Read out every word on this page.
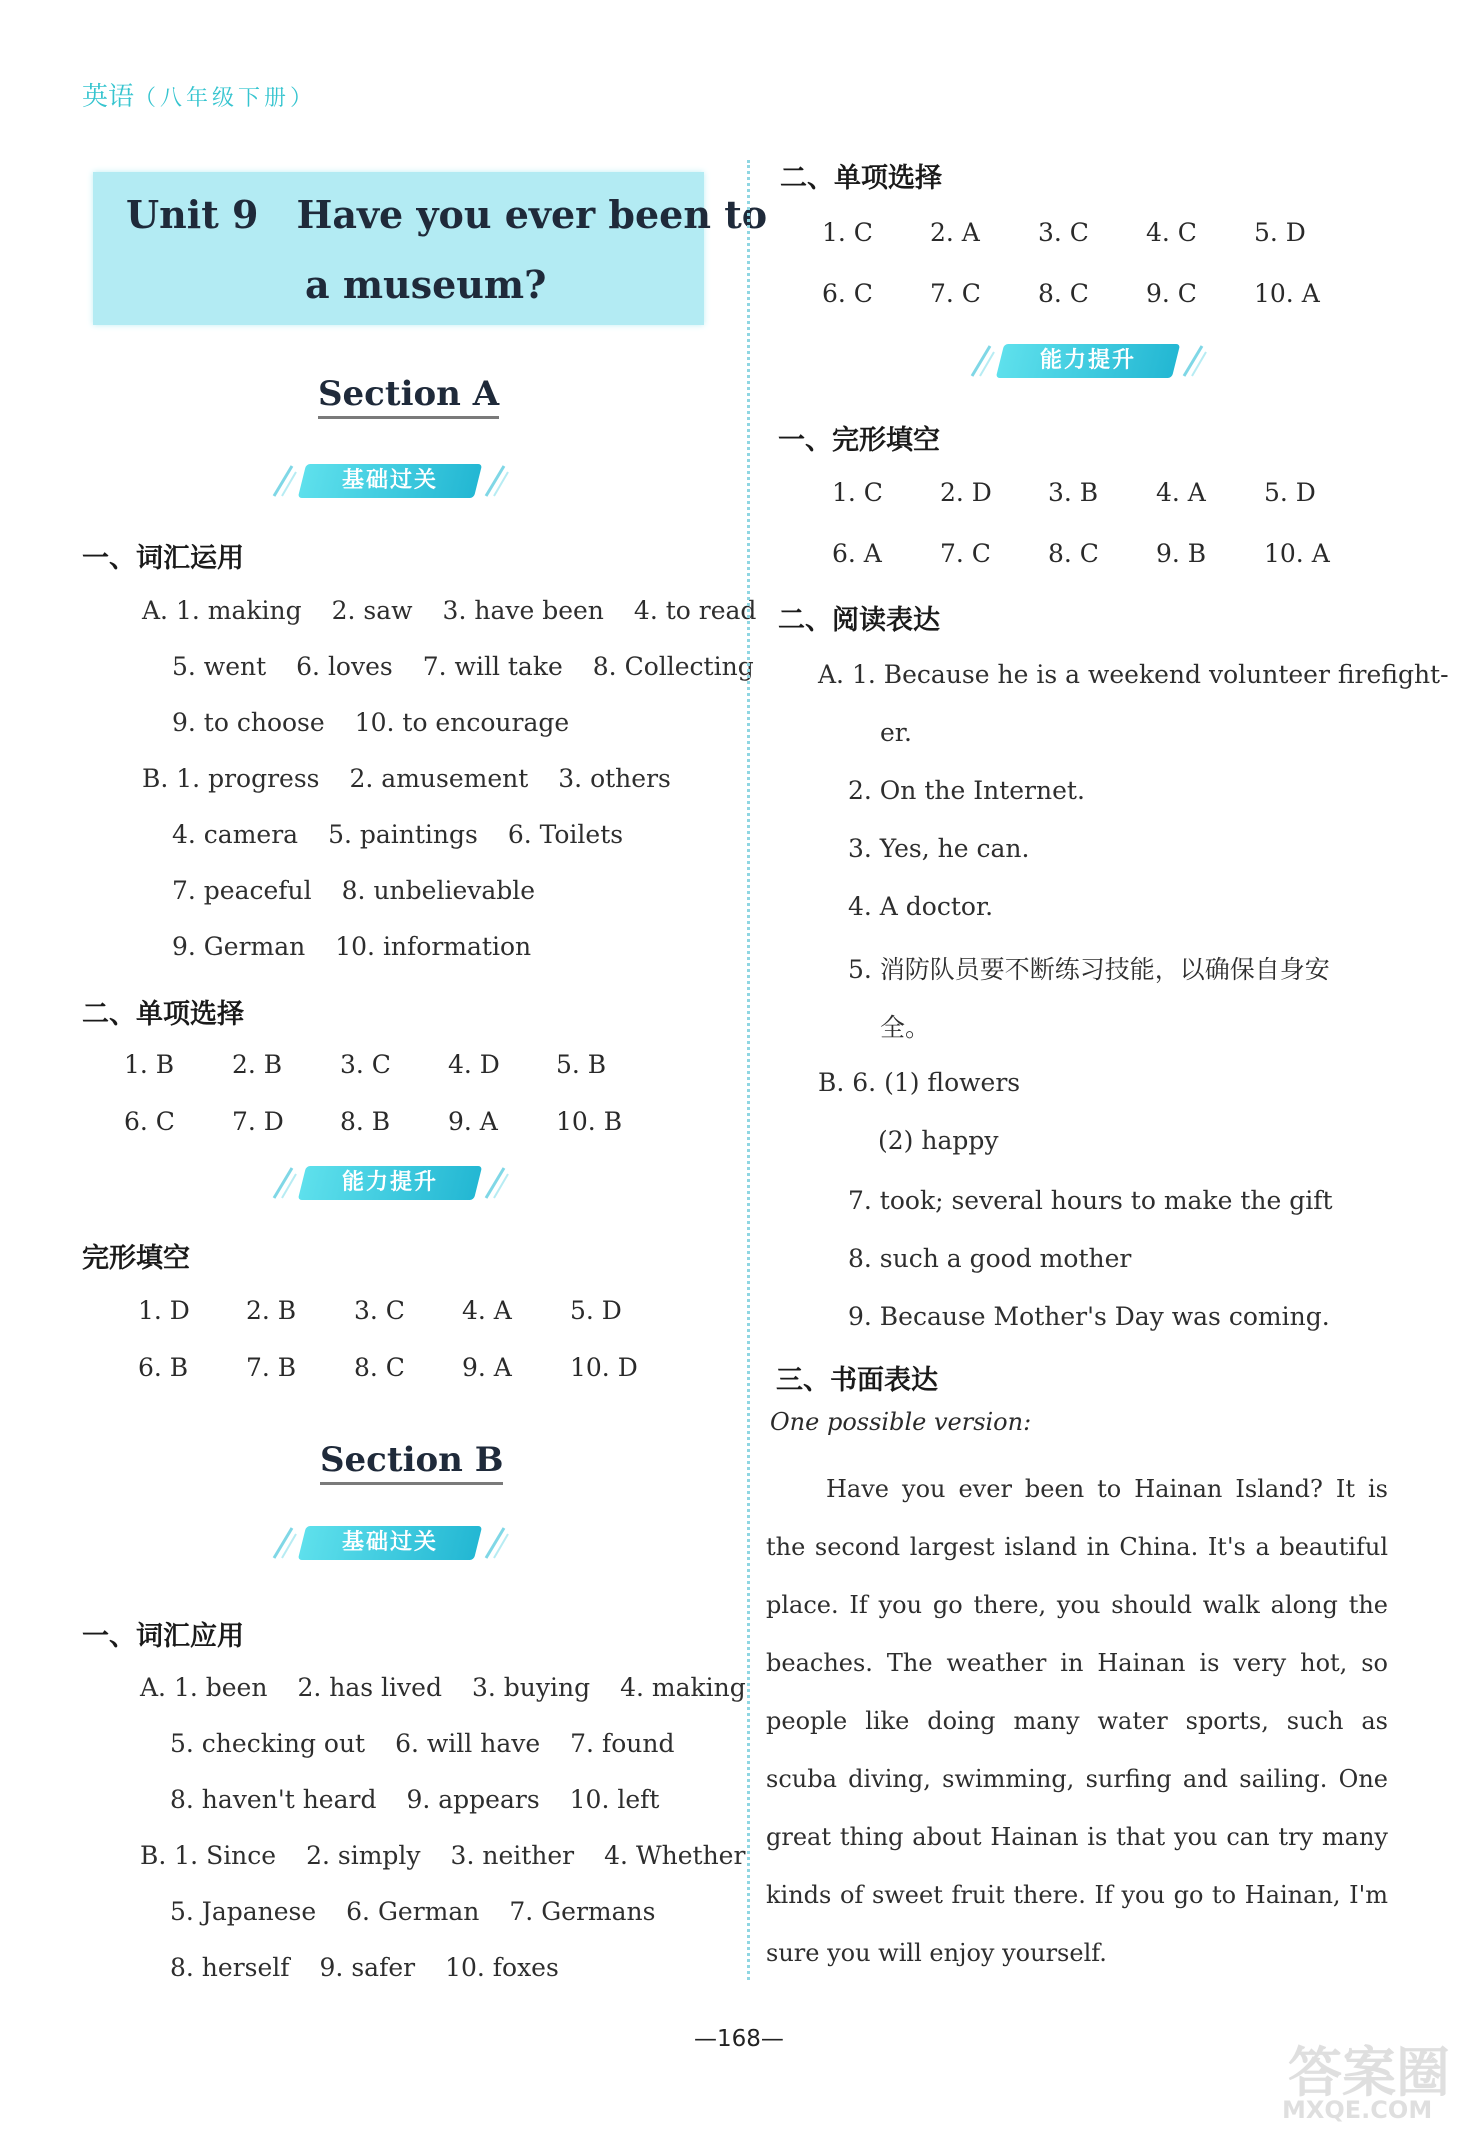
英语（八年级下册）
Unit 9 Have you ever been to
a museum?
Section A
基础过关
一、词汇运用
A. 1. making 2. saw 3. have been 4. to read
5. went 6. loves 7. will take 8. Collecting
9. to choose 10. to encourage
B. 1. progress 2. amusement 3. others
4. camera 5. paintings 6. Toilets
7. peaceful 8. unbelievable
9. German 10. information
二、单项选择
1. B	2. B	3. C	4. D	5. B
6. C	7. D	8. B	9. A	10. B
能力提升
完形填空
1. D	2. B	3. C	4. A	5. D
6. B	7. B	8. C	9. A	10. D
Section B
基础过关
一、词汇应用
A. 1. been 2. has lived 3. buying 4. making
5. checking out 6. will have 7. found
8. haven't heard 9. appears 10. left
B. 1. Since 2. simply 3. neither 4. Whether
5. Japanese 6. German 7. Germans
8. herself 9. safer 10. foxes
二、单项选择
1. C	2. A	3. C	4. C	5. D
6. C	7. C	8. C	9. C	10. A
能力提升
一、完形填空
1. C	2. D	3. B	4. A	5. D
6. A	7. C	8. C	9. B	10. A
二、阅读表达
A. 1. Because he is a weekend volunteer firefight-
er.
2. On the Internet.
3. Yes, he can.
4. A doctor.
5. 消防队员要不断练习技能，以确保自身安
全。
B. 6. (1) flowers
(2) happy
7. took; several hours to make the gift
8. such a good mother
9. Because Mother's Day was coming.
三、书面表达
One possible version:
Have you ever been to Hainan Island? It is the second largest island in China. It's a beautiful place. If you go there, you should walk along the beaches. The weather in Hainan is very hot, so people like doing many water sports, such as scuba diving, swimming, surfing and sailing. One great thing about Hainan is that you can try many kinds of sweet fruit there. If you go to Hainan, I'm sure you will enjoy yourself.
—168—
答案圈
MXQE.COM
